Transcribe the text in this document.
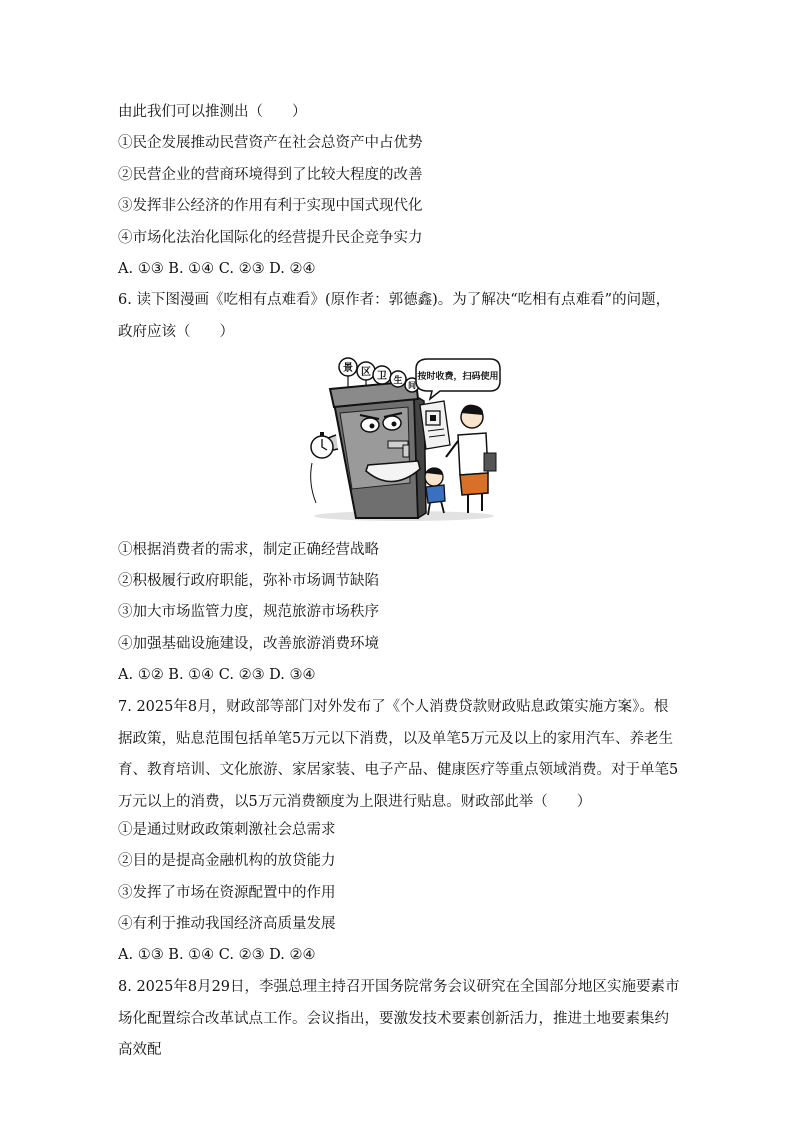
由此我们可以推测出（　　）
①民企发展推动民营资产在社会总资产中占优势
②民营企业的营商环境得到了比较大程度的改善
③发挥非公经济的作用有利于实现中国式现代化
④市场化法治化国际化的经营提升民企竞争实力
A. ①③ B. ①④ C. ②③ D. ②④
6. 读下图漫画《吃相有点难看》(原作者：郭德鑫)。为了解决“吃相有点难看”的问题，政府应该（　　）
景 区 卫 生 间
按时收费，扫码使用
①根据消费者的需求，制定正确经营战略
②积极履行政府职能，弥补市场调节缺陷
③加大市场监管力度，规范旅游市场秩序
④加强基础设施建设，改善旅游消费环境
A. ①② B. ①④ C. ②③ D. ③④
7. 2025年8月，财政部等部门对外发布了《个人消费贷款财政贴息政策实施方案》。根据政策，贴息范围包括单笔5万元以下消费，以及单笔5万元及以上的家用汽车、养老生育、教育培训、文化旅游、家居家装、电子产品、健康医疗等重点领域消费。对于单笔5万元以上的消费，以5万元消费额度为上限进行贴息。财政部此举（　　）
①是通过财政政策刺激社会总需求
②目的是提高金融机构的放贷能力
③发挥了市场在资源配置中的作用
④有利于推动我国经济高质量发展
A. ①③ B. ①④ C. ②③ D. ②④
8. 2025年8月29日，李强总理主持召开国务院常务会议研究在全国部分地区实施要素市场化配置综合改革试点工作。会议指出，要激发技术要素创新活力，推进土地要素集约高效配
